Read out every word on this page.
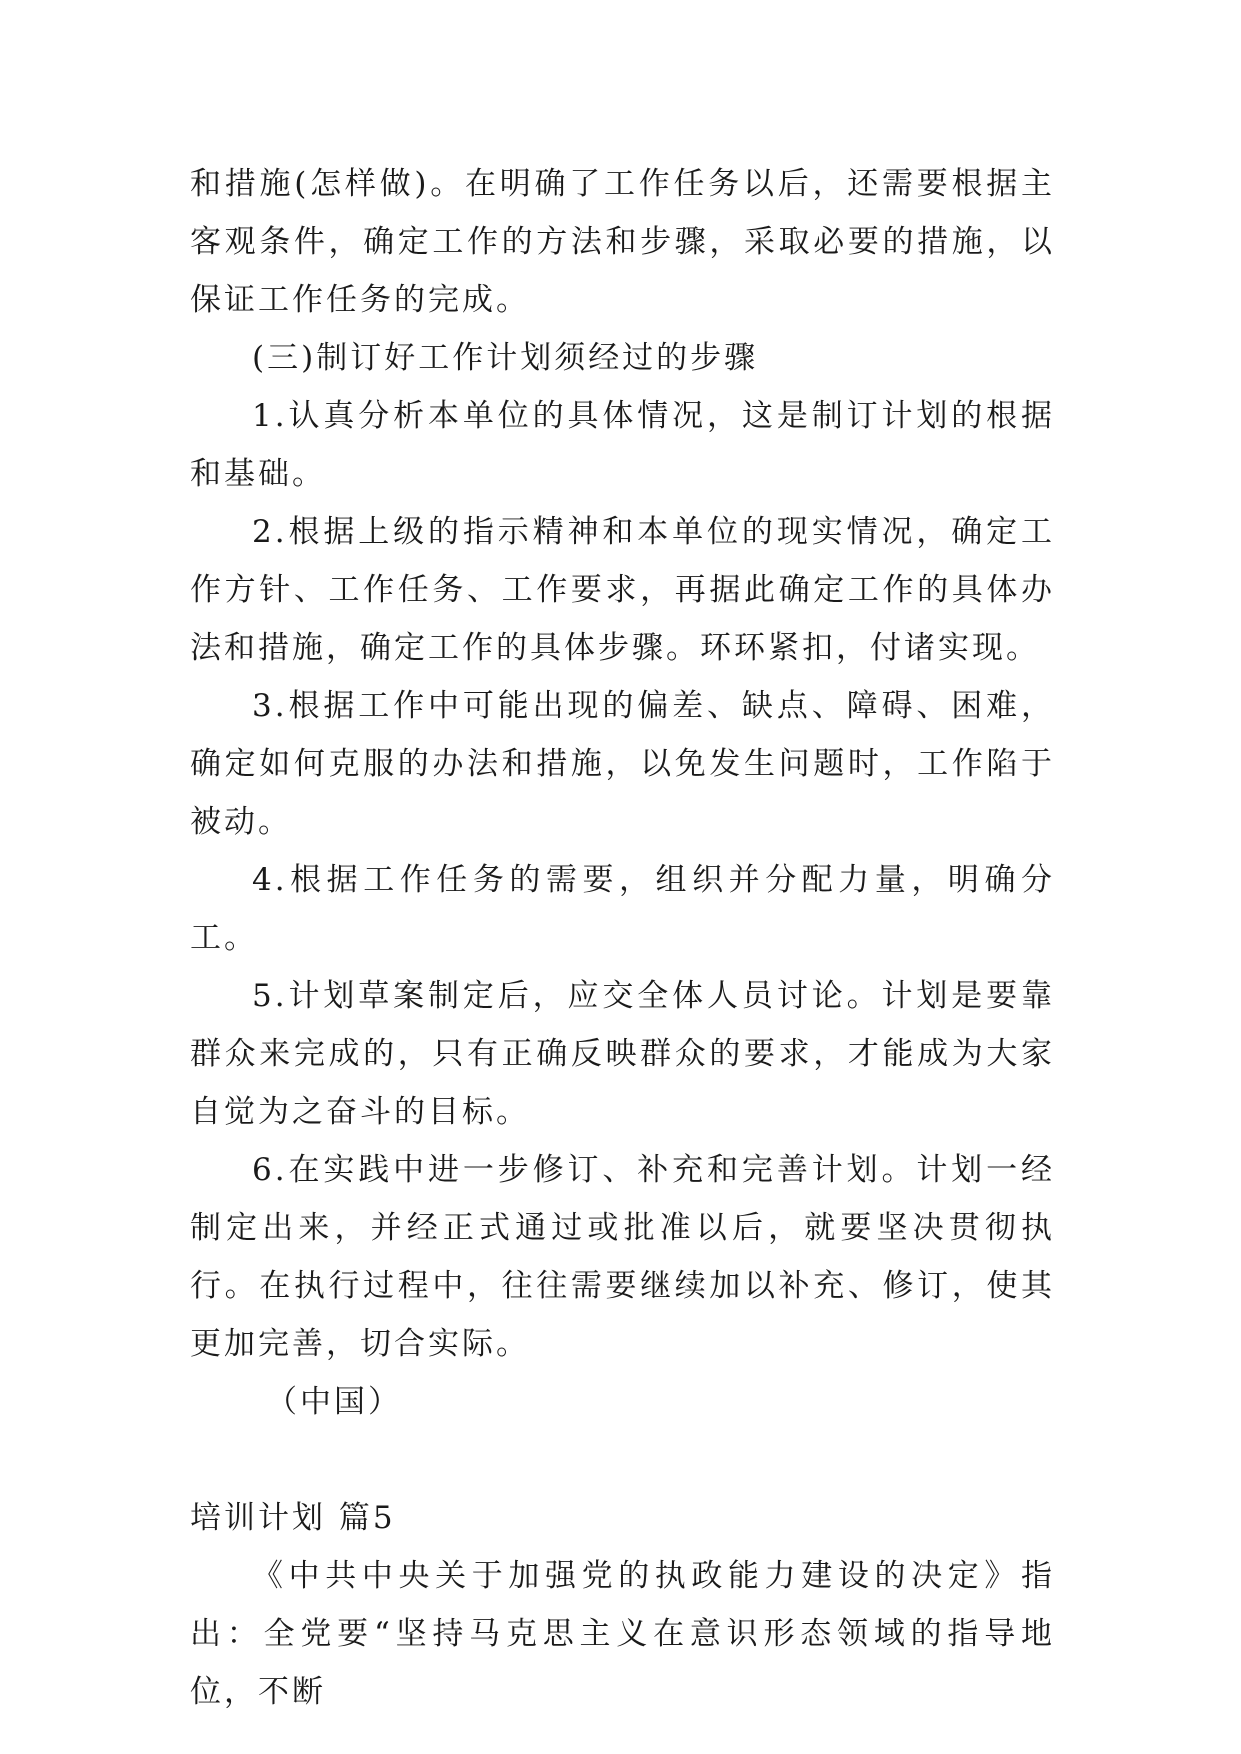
和措施(怎样做)。在明确了工作任务以后，还需要根据主客观条件，确定工作的方法和步骤，采取必要的措施，以保证工作任务的完成。

(三)制订好工作计划须经过的步骤

1.认真分析本单位的具体情况，这是制订计划的根据和基础。

2.根据上级的指示精神和本单位的现实情况，确定工作方针、工作任务、工作要求，再据此确定工作的具体办法和措施，确定工作的具体步骤。环环紧扣，付诸实现。

3.根据工作中可能出现的偏差、缺点、障碍、困难，确定如何克服的办法和措施，以免发生问题时，工作陷于被动。

4.根据工作任务的需要，组织并分配力量，明确分工。

5.计划草案制定后，应交全体人员讨论。计划是要靠群众来完成的，只有正确反映群众的要求，才能成为大家自觉为之奋斗的目标。

6.在实践中进一步修订、补充和完善计划。计划一经制定出来，并经正式通过或批准以后，就要坚决贯彻执行。在执行过程中，往往需要继续加以补充、修订，使其更加完善，切合实际。

（中国）

培训计划 篇5

《中共中央关于加强党的执政能力建设的决定》指出：全党要“坚持马克思主义在意识形态领域的指导地位，不断
